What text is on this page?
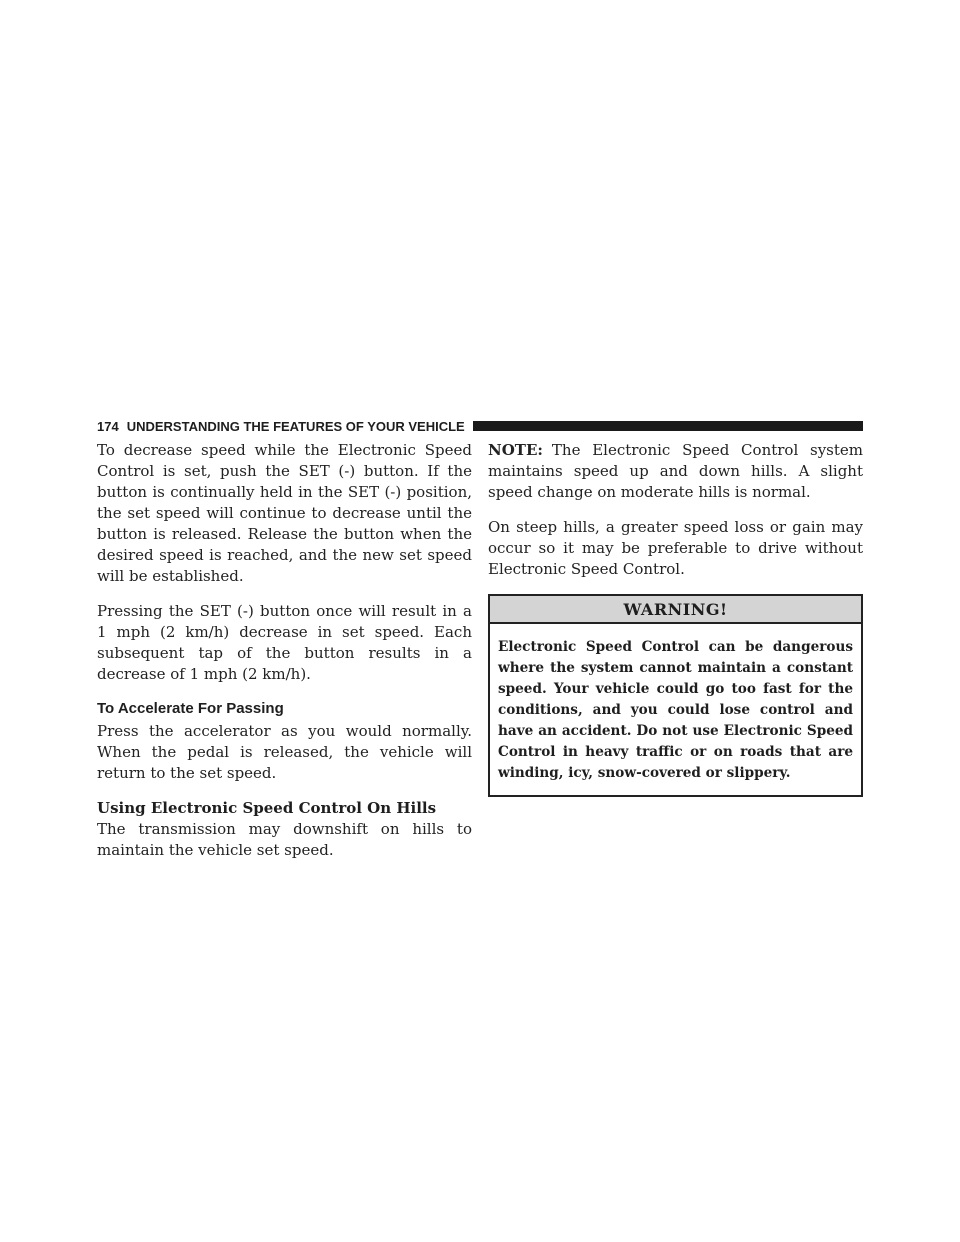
174 UNDERSTANDING THE FEATURES OF YOUR VEHICLE

To decrease speed while the Electronic Speed Control is set, push the SET (-) button. If the button is continually held in the SET (-) position, the set speed will continue to decrease until the button is released. Release the button when the desired speed is reached, and the new set speed will be established.

Pressing the SET (-) button once will result in a 1 mph (2 km/h) decrease in set speed. Each subsequent tap of the button results in a decrease of 1 mph (2 km/h).

To Accelerate For Passing

Press the accelerator as you would normally. When the pedal is released, the vehicle will return to the set speed.

Using Electronic Speed Control On Hills

The transmission may downshift on hills to maintain the vehicle set speed.

NOTE: The Electronic Speed Control system maintains speed up and down hills. A slight speed change on moderate hills is normal.

On steep hills, a greater speed loss or gain may occur so it may be preferable to drive without Electronic Speed Control.

WARNING!
Electronic Speed Control can be dangerous where the system cannot maintain a constant speed. Your vehicle could go too fast for the conditions, and you could lose control and have an accident. Do not use Electronic Speed Control in heavy traffic or on roads that are winding, icy, snow-covered or slippery.
